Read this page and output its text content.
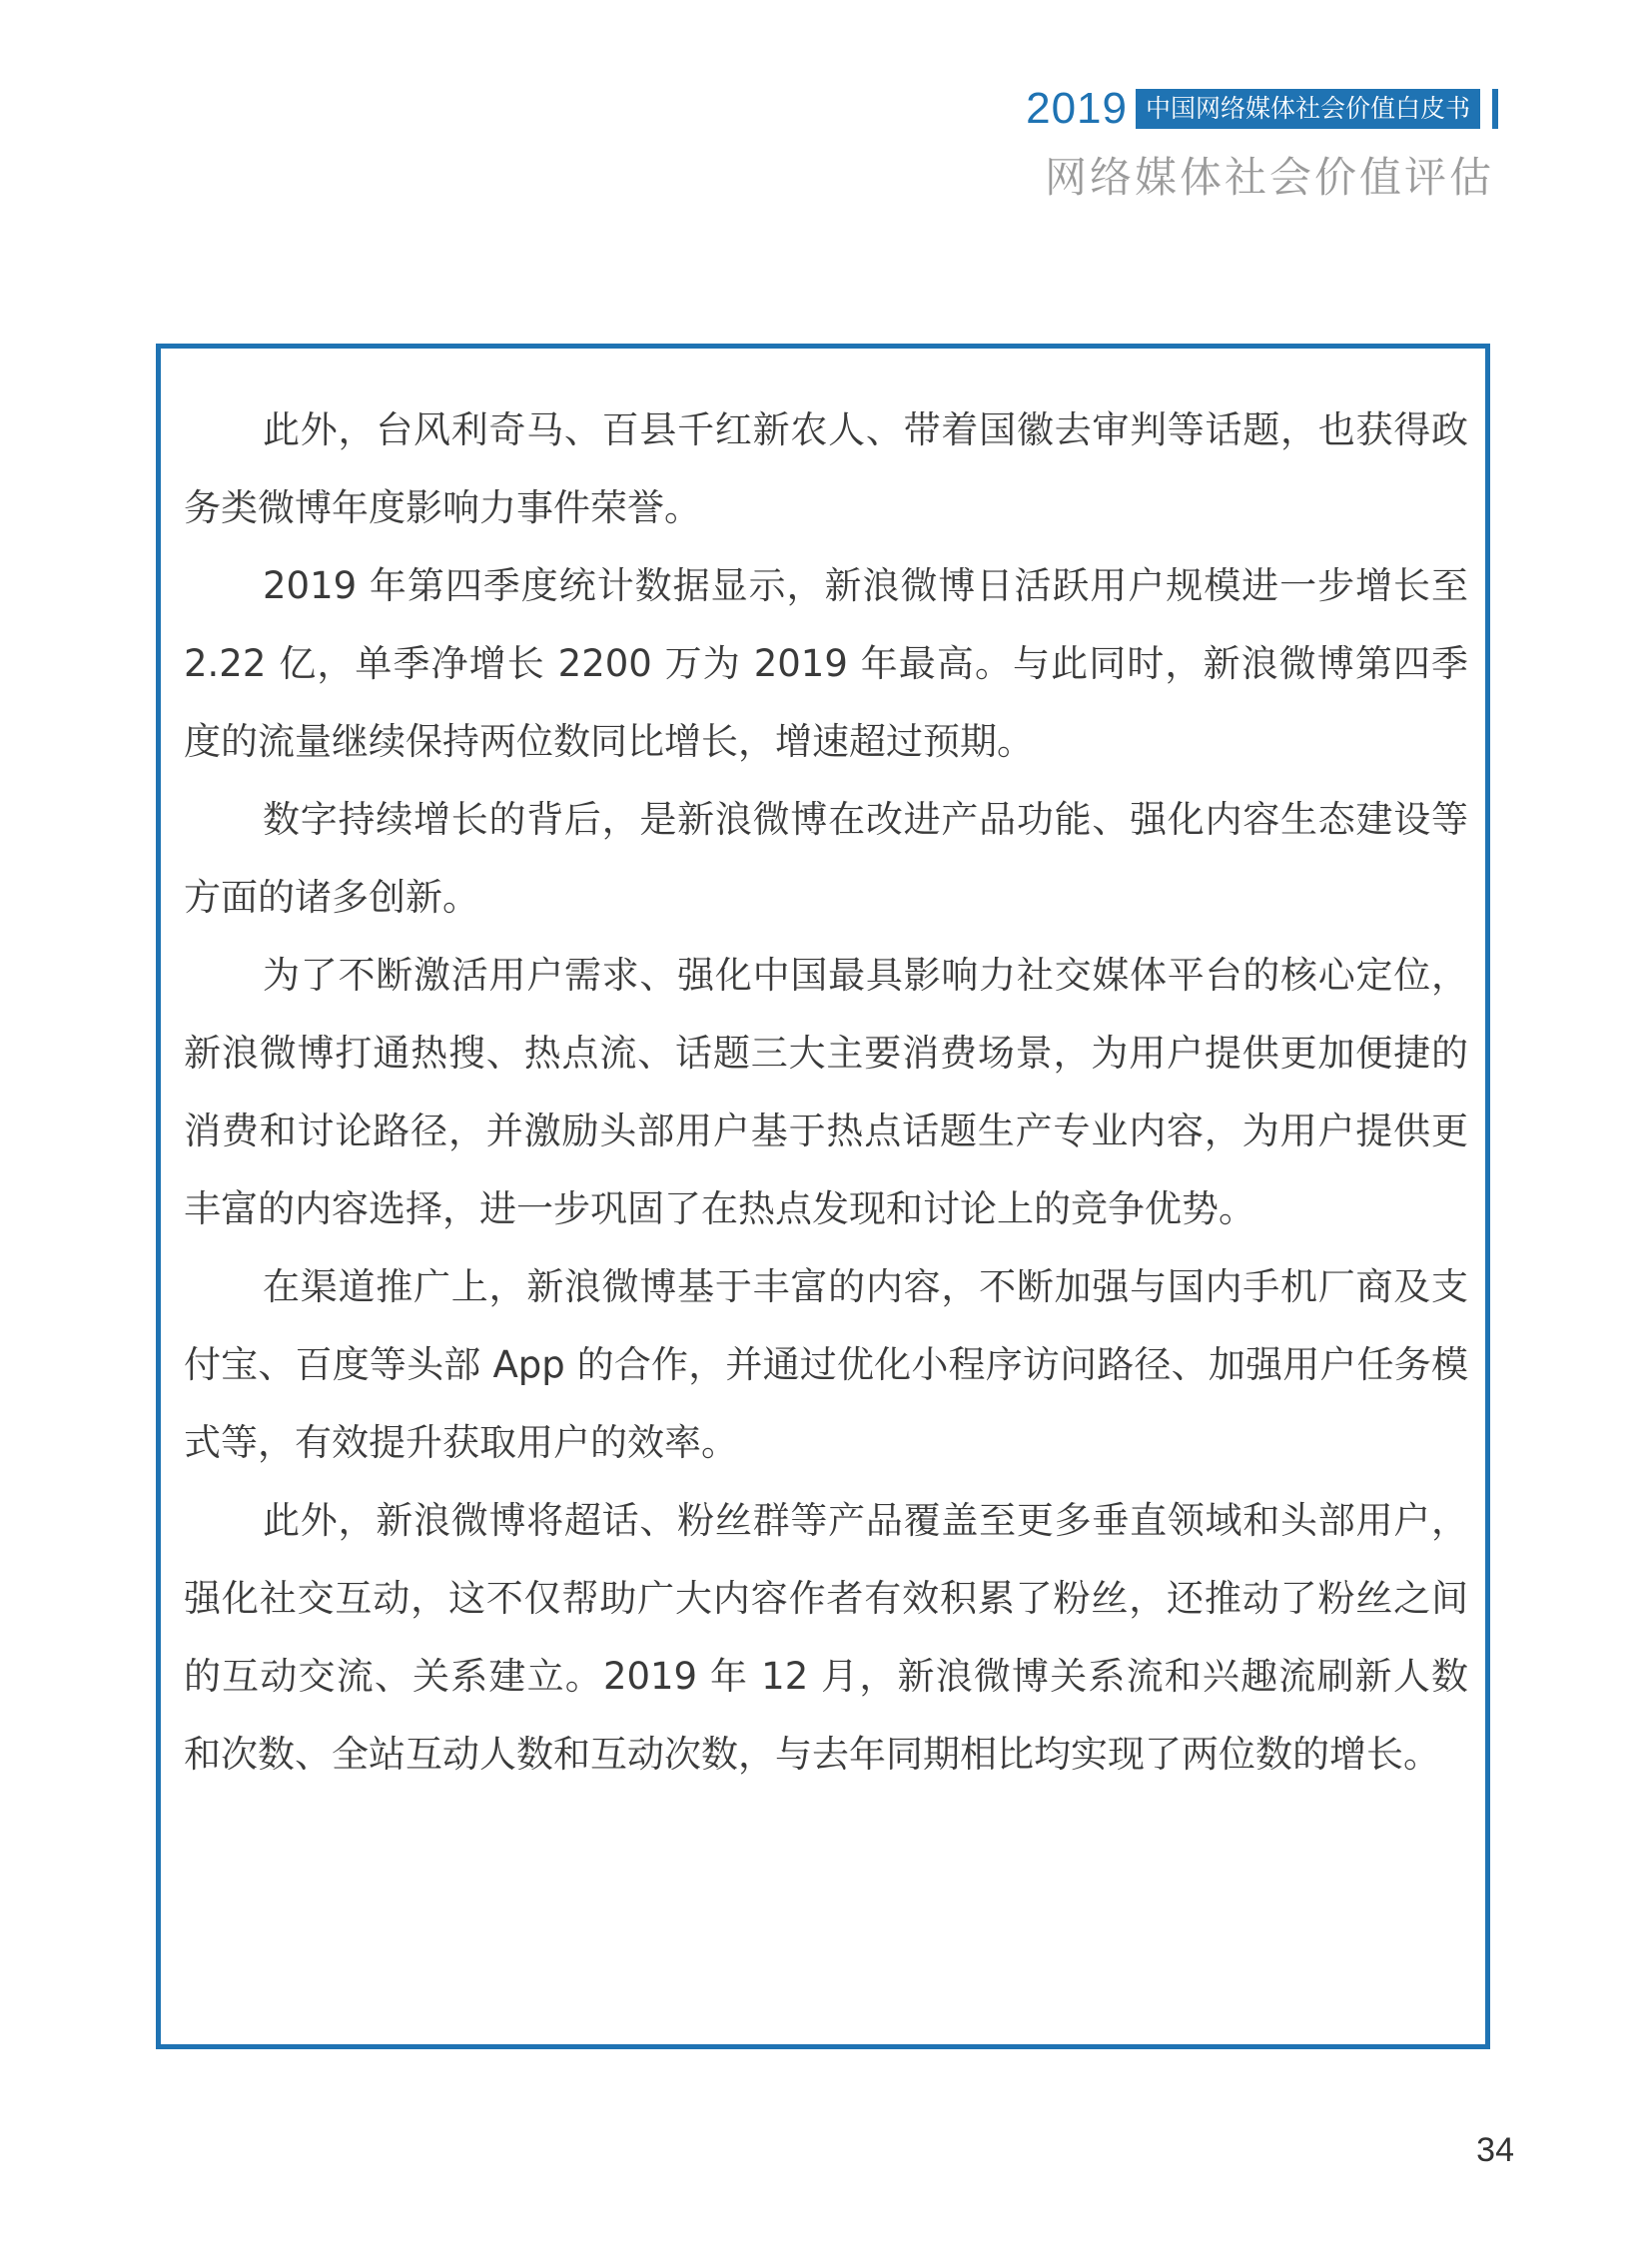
2019 中国网络媒体社会价值白皮书
网络媒体社会价值评估

此外，台风利奇马、百县千红新农人、带着国徽去审判等话题，也获得政务类微博年度影响力事件荣誉。

2019 年第四季度统计数据显示，新浪微博日活跃用户规模进一步增长至 2.22 亿，单季净增长 2200 万为 2019 年最高。与此同时，新浪微博第四季度的流量继续保持两位数同比增长，增速超过预期。

数字持续增长的背后，是新浪微博在改进产品功能、强化内容生态建设等方面的诸多创新。

为了不断激活用户需求、强化中国最具影响力社交媒体平台的核心定位，新浪微博打通热搜、热点流、话题三大主要消费场景，为用户提供更加便捷的消费和讨论路径，并激励头部用户基于热点话题生产专业内容，为用户提供更丰富的内容选择，进一步巩固了在热点发现和讨论上的竞争优势。

在渠道推广上，新浪微博基于丰富的内容，不断加强与国内手机厂商及支付宝、百度等头部 App 的合作，并通过优化小程序访问路径、加强用户任务模式等，有效提升获取用户的效率。

此外，新浪微博将超话、粉丝群等产品覆盖至更多垂直领域和头部用户，强化社交互动，这不仅帮助广大内容作者有效积累了粉丝，还推动了粉丝之间的互动交流、关系建立。2019 年 12 月，新浪微博关系流和兴趣流刷新人数和次数、全站互动人数和互动次数，与去年同期相比均实现了两位数的增长。

34
